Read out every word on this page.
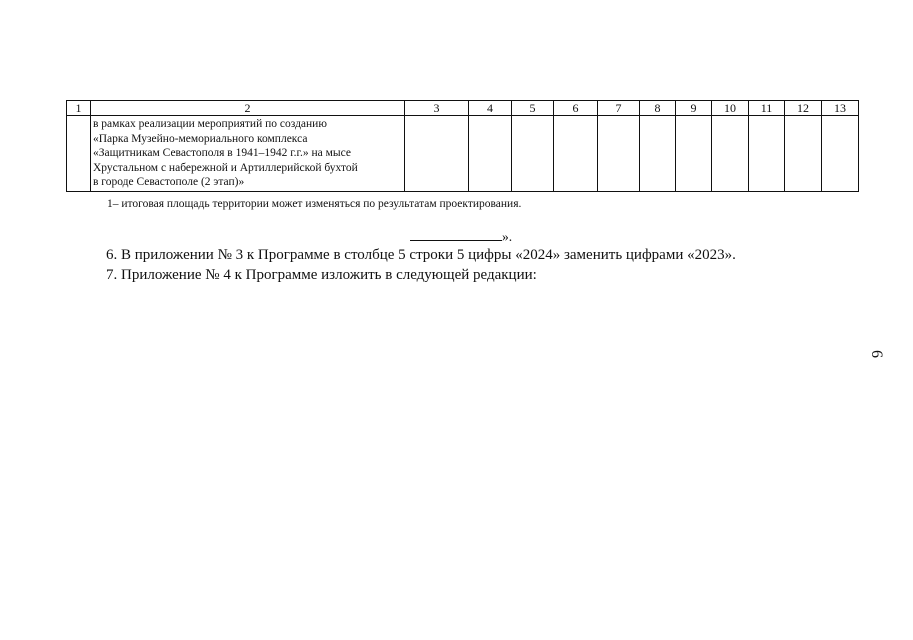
1	2	3	4	5	6	7	8	9	10	11	12	13

	в рамках реализации мероприятий по созданию
«Парка Музейно-мемориального комплекса
«Защитникам Севастополя в 1941–1942 г.г.» на мысе
Хрустальном с набережной и Артиллерийской бухтой
в городе Севастополе (2 этап)»											

1– итоговая площадь территории может изменяться по результатам проектирования.
».
6. В приложении № 3 к Программе в столбце 5 строки 5 цифры «2024» заменить цифрами «2023».
7. Приложение № 4 к Программе изложить в следующей редакции:
6
